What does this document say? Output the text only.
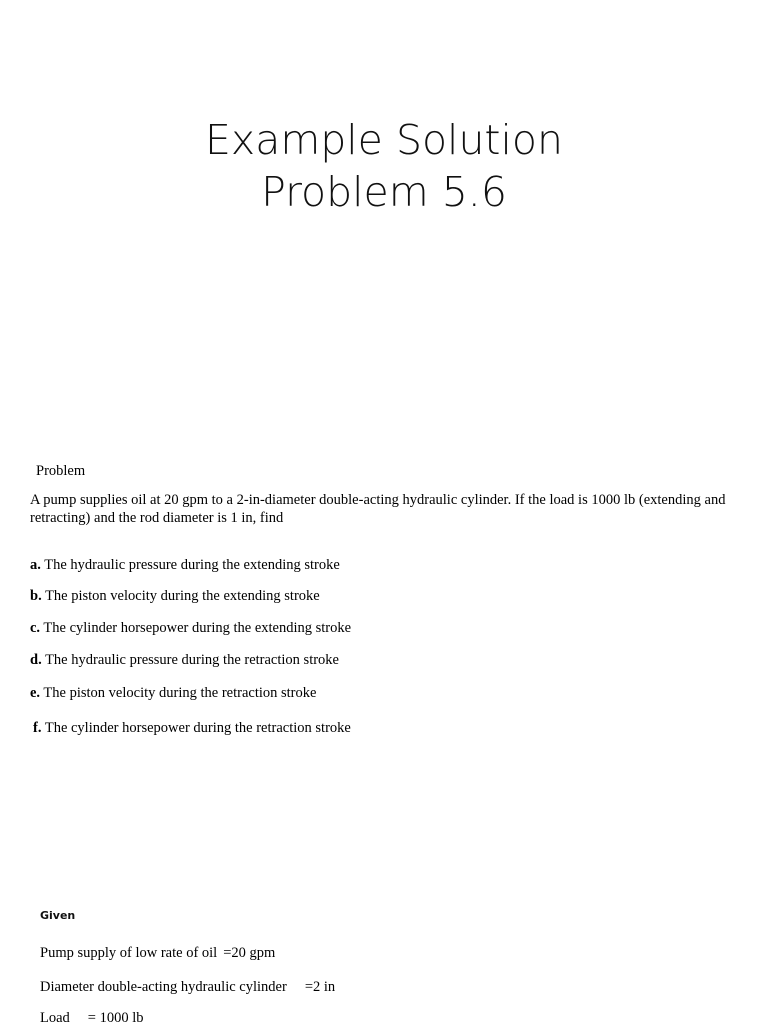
Example Solution
Problem 5.6
Problem
A pump supplies oil at 20 gpm to a 2-in-diameter double-acting hydraulic cylinder. If the load is 1000 lb (extending and retracting) and the rod diameter is 1 in, find
a. The hydraulic pressure during the extending stroke
b. The piston velocity during the extending stroke
c. The cylinder horsepower during the extending stroke
d. The hydraulic pressure during the retraction stroke
e. The piston velocity during the retraction stroke
f. The cylinder horsepower during the retraction stroke
Given
Pump supply of low rate of oil =20 gpm
Diameter double-acting hydraulic cylinder =2 in
Load = 1000 lb
